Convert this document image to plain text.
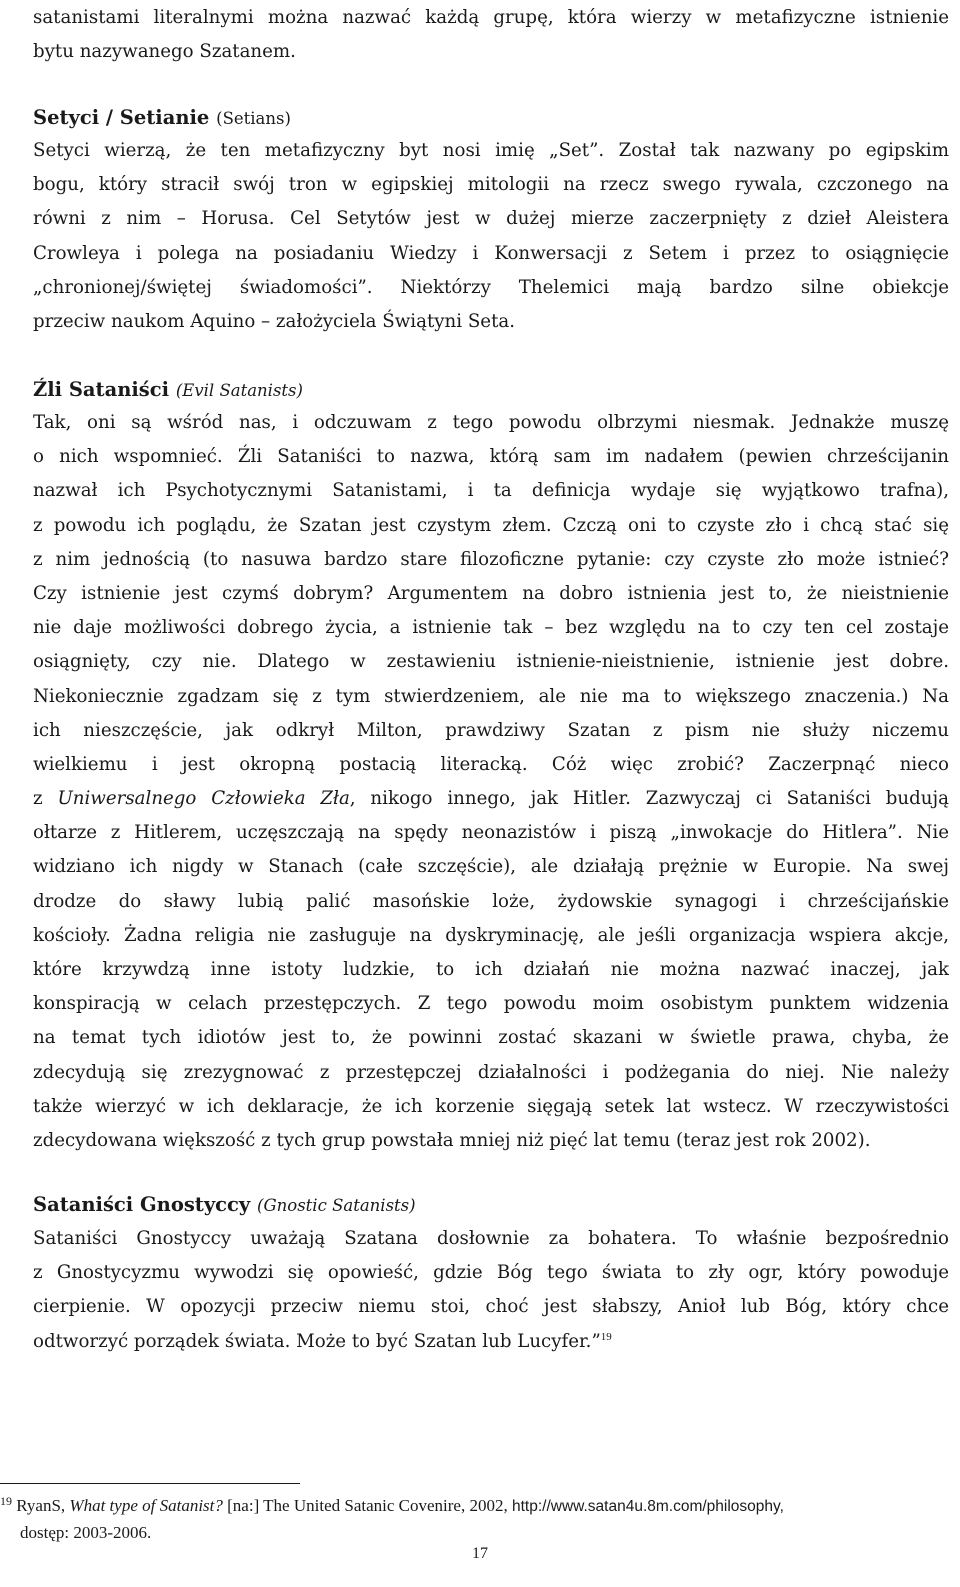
satanistami literalnymi można nazwać każdą grupę, która wierzy w metafizyczne istnienie
bytu nazywanego Szatanem.
Setyci / Setianie (Setians)
Setyci wierzą, że ten metafizyczny byt nosi imię „Set”. Został tak nazwany po egipskim
bogu, który stracił swój tron w egipskiej mitologii na rzecz swego rywala, czczonego na
równi z nim – Horusa. Cel Setytów jest w dużej mierze zaczerpnięty z dzieł Aleistera
Crowleya i polega na posiadaniu Wiedzy i Konwersacji z Setem i przez to osiągnięcie
„chronionej/świętej świadomości”. Niektórzy Thelemici mają bardzo silne obiekcje
przeciw naukom Aquino – założyciela Świątyni Seta.
Źli Sataniści (Evil Satanists)
Tak, oni są wśród nas, i odczuwam z tego powodu olbrzymi niesmak. Jednakże muszę
o nich wspomnieć. Źli Sataniści to nazwa, którą sam im nadałem (pewien chrześcijanin
nazwał ich Psychotycznymi Satanistami, i ta definicja wydaje się wyjątkowo trafna),
z powodu ich poglądu, że Szatan jest czystym złem. Czczą oni to czyste zło i chcą stać się
z nim jednością (to nasuwa bardzo stare filozoficzne pytanie: czy czyste zło może istnieć?
Czy istnienie jest czymś dobrym? Argumentem na dobro istnienia jest to, że nieistnienie
nie daje możliwości dobrego życia, a istnienie tak – bez względu na to czy ten cel zostaje
osiągnięty, czy nie. Dlatego w zestawieniu istnienie-nieistnienie, istnienie jest dobre.
Niekoniecznie zgadzam się z tym stwierdzeniem, ale nie ma to większego znaczenia.) Na
ich nieszczęście, jak odkrył Milton, prawdziwy Szatan z pism nie służy niczemu
wielkiemu i jest okropną postacią literacką. Cóż więc zrobić? Zaczerpnąć nieco
z Uniwersalnego Człowieka Zła, nikogo innego, jak Hitler. Zazwyczaj ci Sataniści budują
ołtarze z Hitlerem, uczęszczają na spędy neonazistów i piszą „inwokacje do Hitlera”. Nie
widziano ich nigdy w Stanach (całe szczęście), ale działają prężnie w Europie. Na swej
drodze do sławy lubią palić masońskie loże, żydowskie synagogi i chrześcijańskie
kościoły. Żadna religia nie zasługuje na dyskryminację, ale jeśli organizacja wspiera akcje,
które krzywdzą inne istoty ludzkie, to ich działań nie można nazwać inaczej, jak
konspiracją w celach przestępczych. Z tego powodu moim osobistym punktem widzenia
na temat tych idiotów jest to, że powinni zostać skazani w świetle prawa, chyba, że
zdecydują się zrezygnować z przestępczej działalności i podżegania do niej. Nie należy
także wierzyć w ich deklaracje, że ich korzenie sięgają setek lat wstecz. W rzeczywistości
zdecydowana większość z tych grup powstała mniej niż pięć lat temu (teraz jest rok 2002).
Sataniści Gnostyccy (Gnostic Satanists)
Sataniści Gnostyccy uważają Szatana dosłownie za bohatera. To właśnie bezpośrednio
z Gnostycyzmu wywodzi się opowieść, gdzie Bóg tego świata to zły ogr, który powoduje
cierpienie. W opozycji przeciw niemu stoi, choć jest słabszy, Anioł lub Bóg, który chce
odtworzyć porządek świata. Może to być Szatan lub Lucyfer.”$^{19}$
$^{19}$ RyanS, What type of Satanist? [na:] The United Satanic Covenire, 2002, http://www.satan4u.8m.com/philosophy,
dostęp: 2003-2006.
17
